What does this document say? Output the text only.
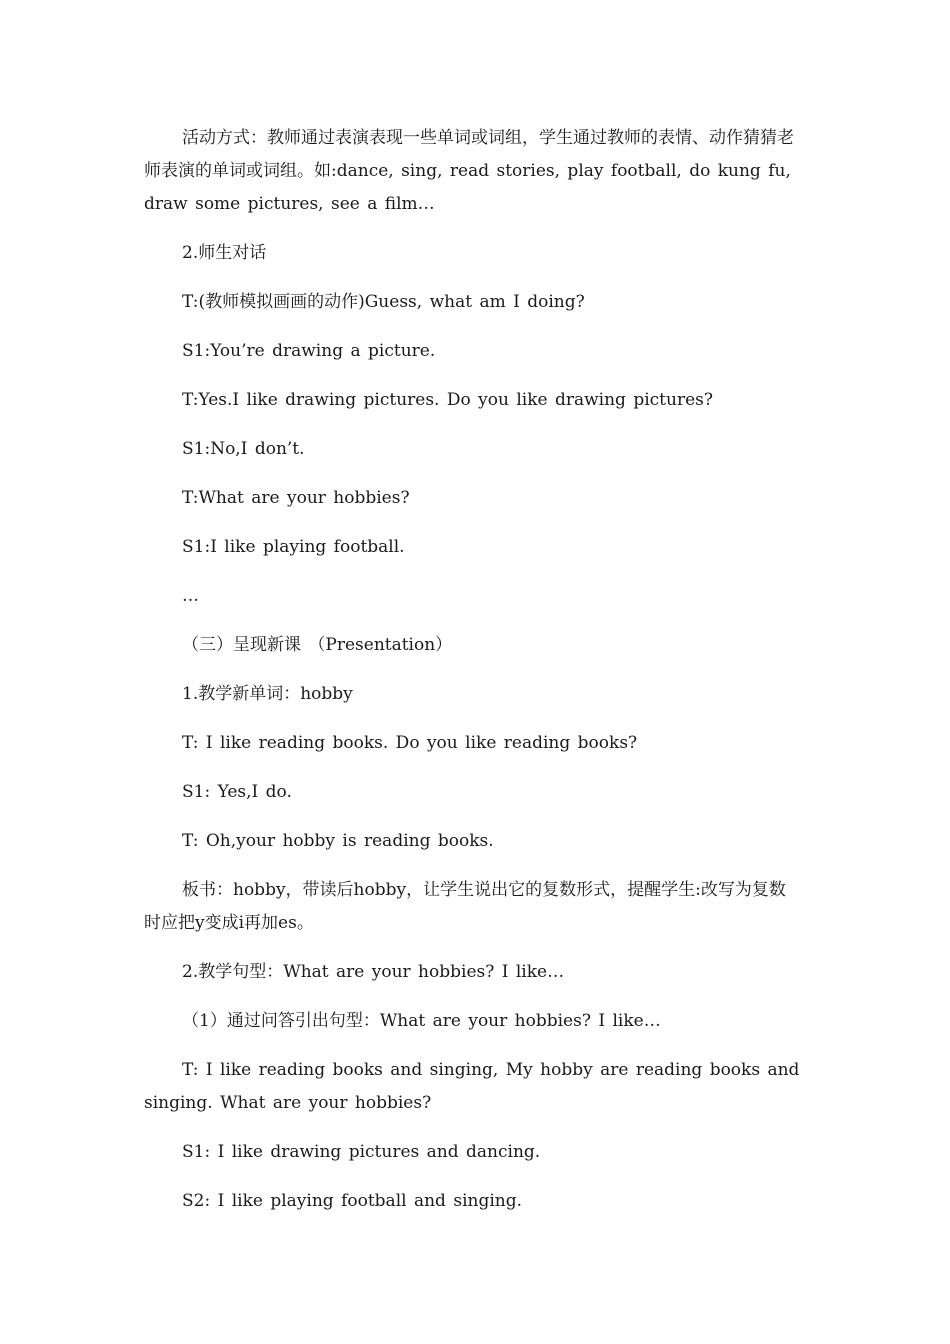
活动方式：教师通过表演表现一些单词或词组，学生通过教师的表情、动作猜猜老师表演的单词或词组。如:dance, sing, read stories, play football, do kung fu, draw some pictures, see a film…

2.师生对话

T:(教师模拟画画的动作)Guess, what am I doing?

S1:You’re drawing a picture.

T:Yes.I like drawing pictures. Do you like drawing pictures?

S1:No,I don’t.

T:What are your hobbies?

S1:I like playing football.

…

（三）呈现新课 （Presentation）

1.教学新单词：hobby

T: I like reading books. Do you like reading books?

S1: Yes,I do.

T: Oh,your hobby is reading books.

板书：hobby，带读后hobby，让学生说出它的复数形式，提醒学生:改写为复数时应把y变成i再加es。

2.教学句型：What are your hobbies? I like…

（1）通过问答引出句型：What are your hobbies? I like…

T: I like reading books and singing, My hobby are reading books and singing. What are your hobbies?

S1: I like drawing pictures and dancing.

S2: I like playing football and singing.
